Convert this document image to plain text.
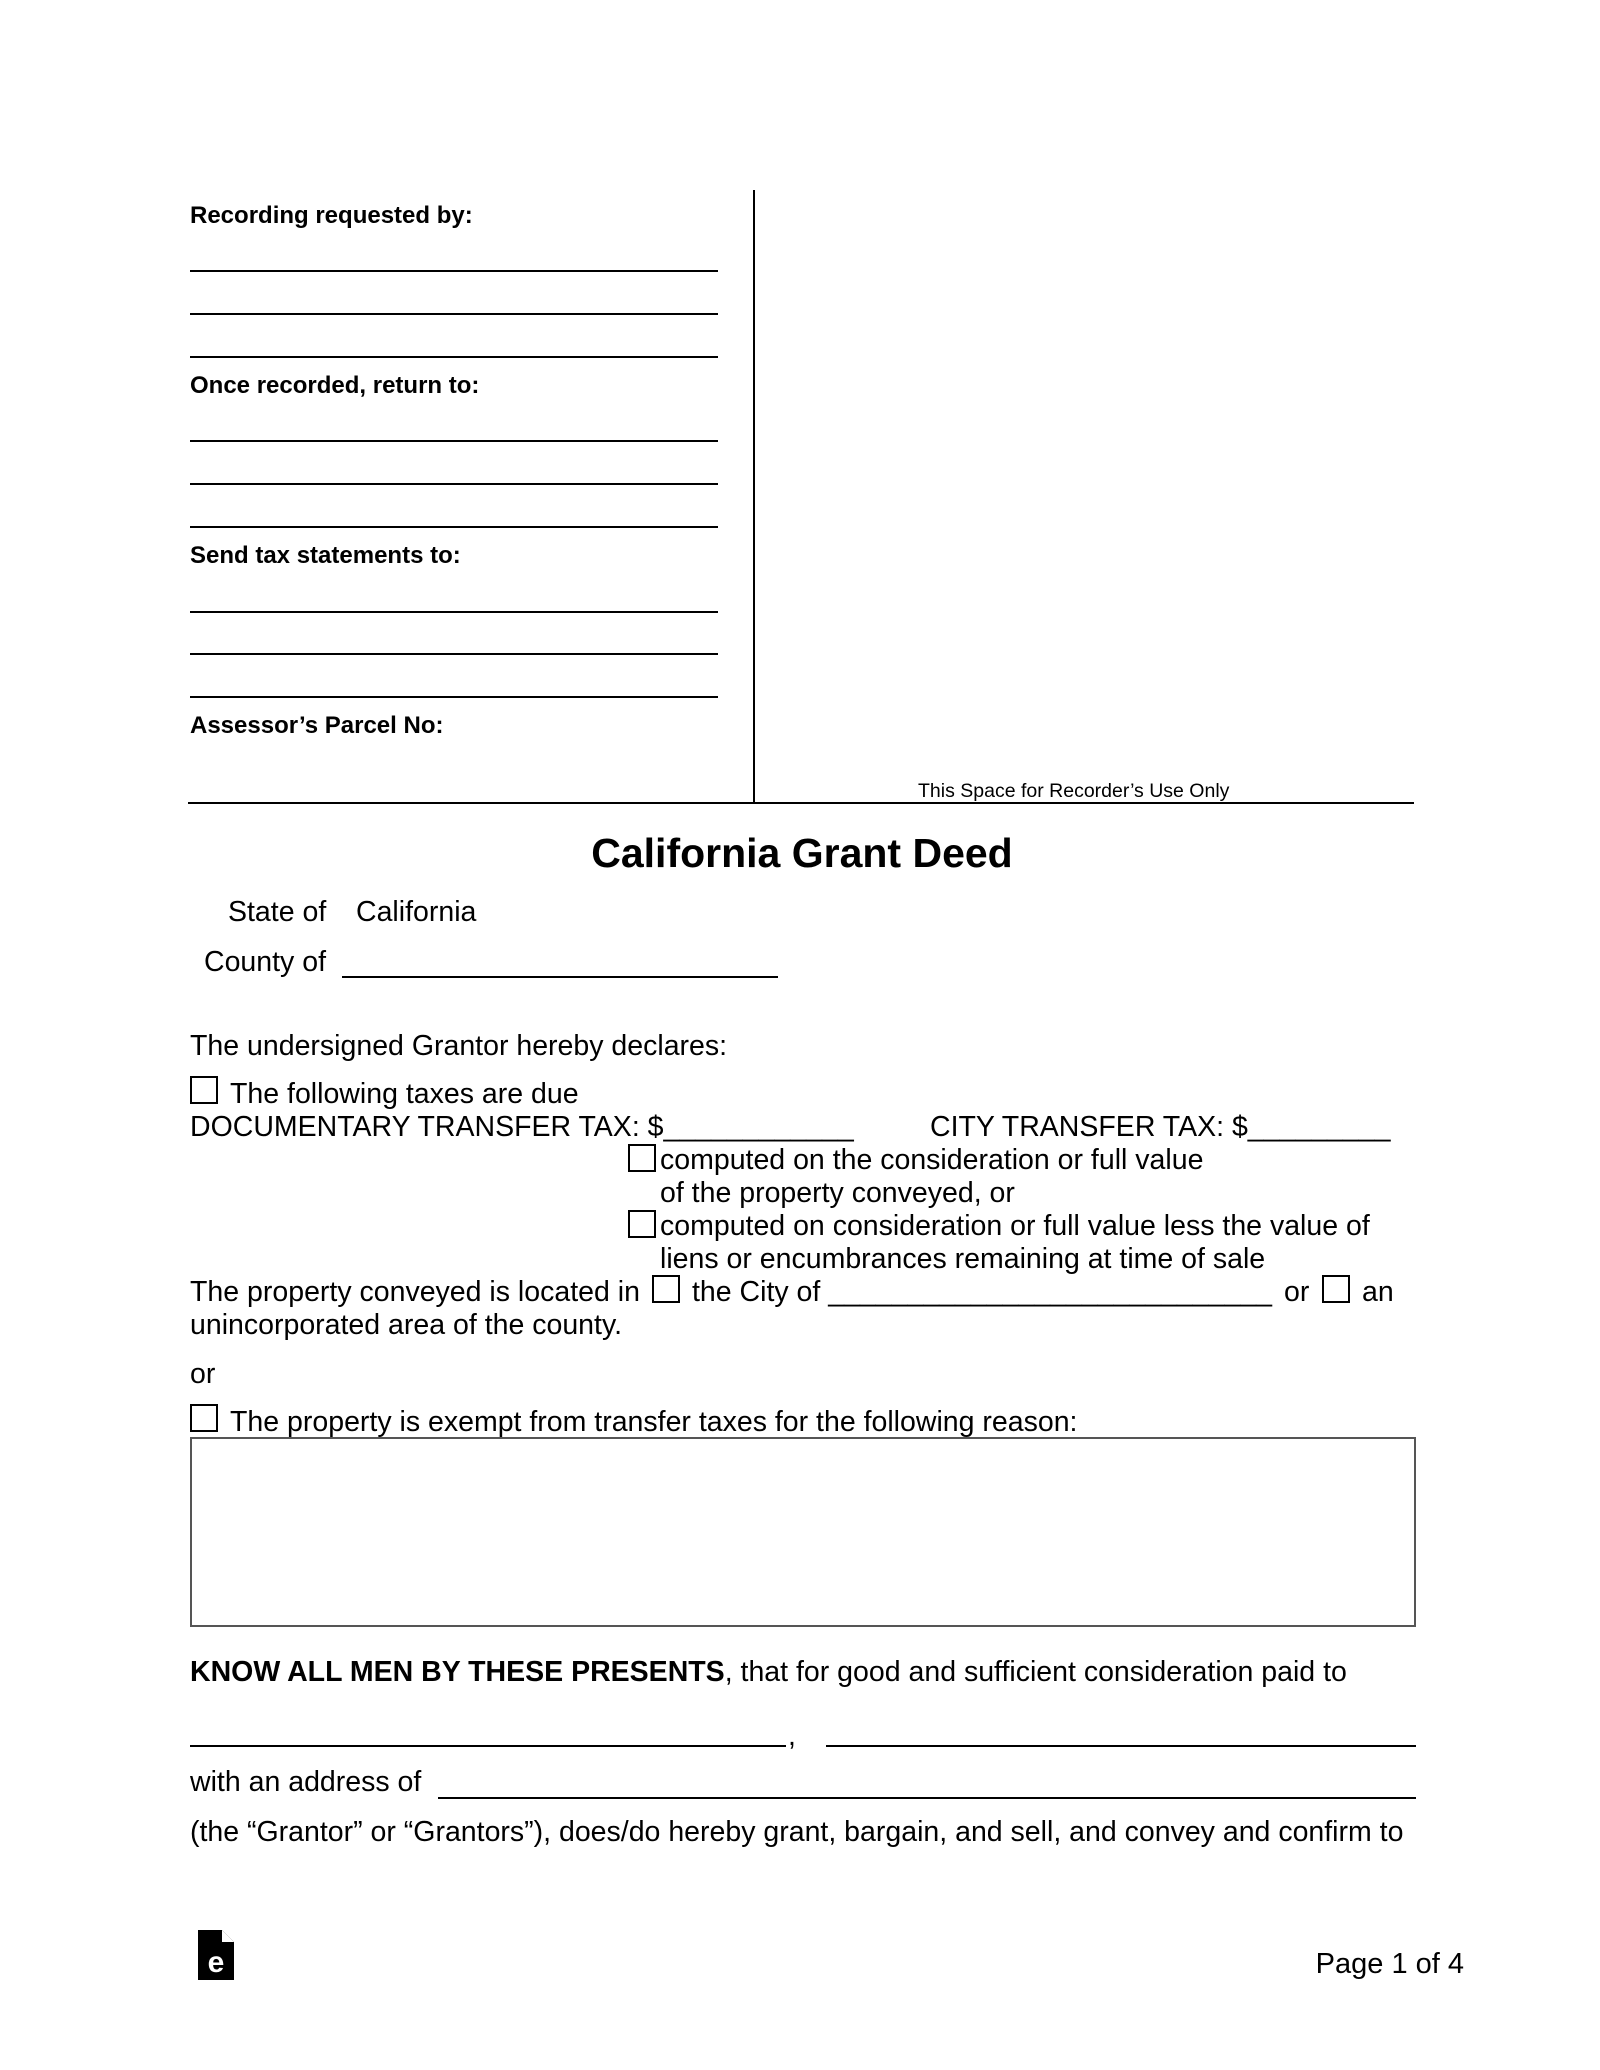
Recording requested by:
Once recorded, return to:
Send tax statements to:
Assessor’s Parcel No:
This Space for Recorder’s Use Only
California Grant Deed
State of California
County of
The undersigned Grantor hereby declares:
The following taxes are due
DOCUMENTARY TRANSFER TAX: $____________	CITY TRANSFER TAX: $_________
computed on the consideration or full value
of the property conveyed, or
computed on consideration or full value less the value of
liens or encumbrances remaining at time of sale
The property conveyed is located in the City of ____________________________ or an
unincorporated area of the county.
or
The property is exempt from transfer taxes for the following reason:
KNOW ALL MEN BY THESE PRESENTS, that for good and sufficient consideration paid to
,
with an address of
(the “Grantor” or “Grantors”), does/do hereby grant, bargain, and sell, and convey and confirm to
e	Page 1 of 4
